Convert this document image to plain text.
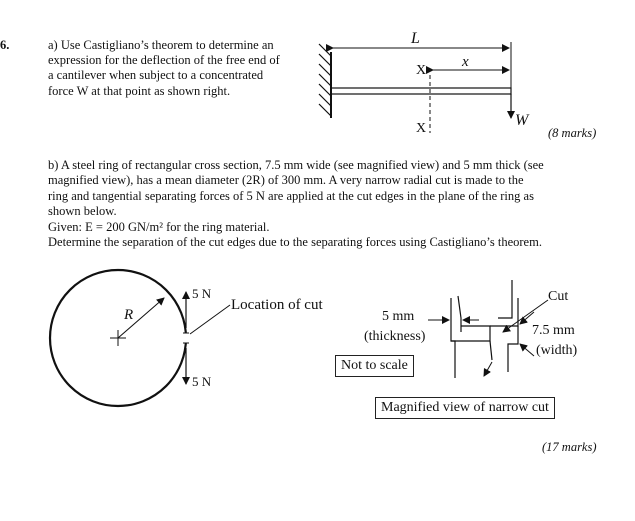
6.	a) Use Castigliano’s theorem to determine an
expression for the deflection of the free end of
a cantilever when subject to a concentrated
force W at that point as shown right.
(8 marks)
b) A steel ring of rectangular cross section, 7.5 mm wide (see magnified view) and 5 mm thick (see
magnified view), has a mean diameter (2R) of 300 mm. A very narrow radial cut is made to the
ring and tangential separating forces of 5 N are applied at the cut edges in the plane of the ring as
shown below.
Given: E = 200 GN/m² for the ring material.
Determine the separation of the cut edges due to the separating forces using Castigliano’s theorem.
L
x
X
X	W
R
5 N
5 N
Location of cut
5 mm
(thickness)
Cut
7.5 mm
(width)
Not to scale
Magnified view of narrow cut
(17 marks)
